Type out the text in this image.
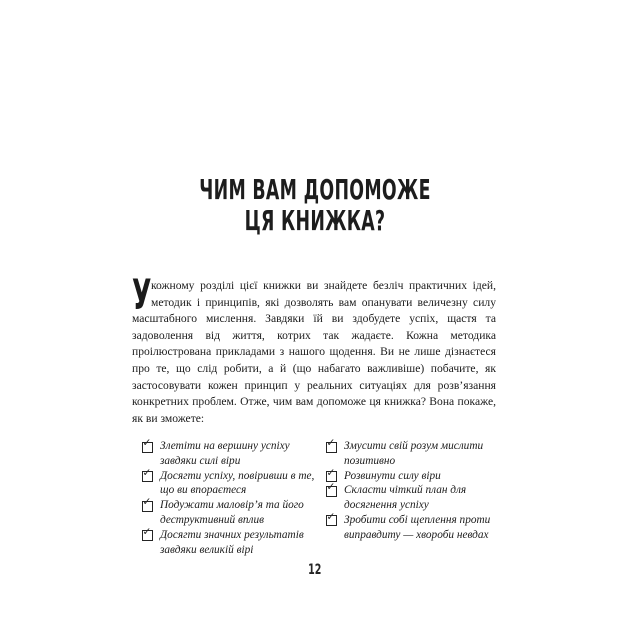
ЧИМ ВАМ ДОПОМОЖЕ
ЦЯ КНИЖКА?
Укожному розділі цієї книжки ви знайдете безліч практичних ідей, методик і принципів, які дозволять вам опанувати величезну силу масштабного мислення. Завдяки їй ви здобудете успіх, щастя та задоволення від життя, котрих так жадаєте. Кожна методика проілюстрована прикладами з нашого щодення. Ви не лише дізнаєтеся про те, що слід робити, а й (що набагато важливіше) побачите, як застосовувати кожен принцип у реальних ситуаціях для розв’язання конкретних проблем. Отже, чим вам допоможе ця книжка? Вона покаже, як ви зможете:
✓ Злетіти на вершину успіху завдяки силі віри
✓ Досягти успіху, повіривши в те, що ви впораєтеся
✓ Подужати маловір’я та його деструктивний вплив
✓ Досягти значних результатів завдяки великій вірі
✓ Змусити свій розум мислити позитивно
✓ Розвинути силу віри
✓ Скласти чіткий план для досягнення успіху
✓ Зробити собі щеплення проти виправдиту — хвороби невдах
12
